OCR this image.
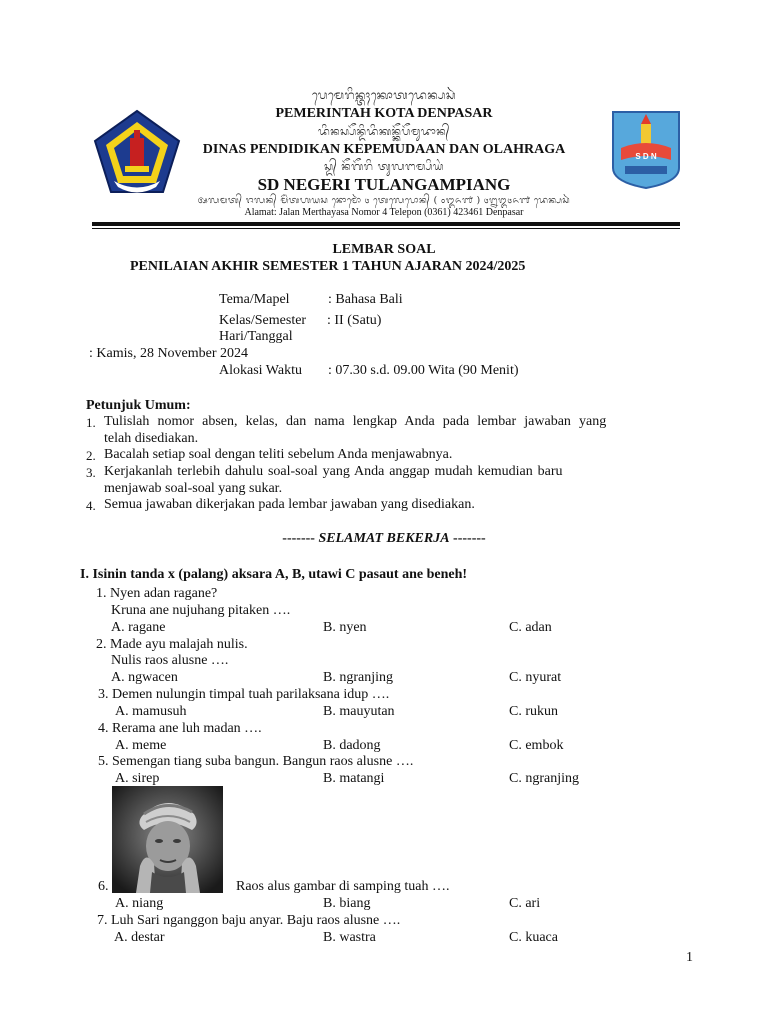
S D N
ᬧᬾᬫᬾᬭᬶᬦ᭄ᬢᬄᬓᭀᬢᬤᬾᬦ᭄ᬧᬲᬃ
PEMERINTAH KOTA DENPASAR
ᬤᬶᬦᬲ᭄ᬧᭂᬦ᭄ᬤᬶᬤᬶᬓᬦ᭄ᬓᭂᬧᭂᬫᬸᬤᬵᬦ᭄
DINAS PENDIDIKAN KEPEMUDAAN DAN OLAHRAGA
ᬲ᭄ᬤ᭄ ᬦᭂᬕᭂᬭᬶ ᬢᬸᬮᬗᬫ᭄ᬧᬶᬬᬂ
SD NEGERI TULANGAMPIANG
ᬅᬮᬫᬢ᭄ ᬚᬮᬦ᭄ ᬫᭂᬃᬢᬳᬬᬲ ᬦᭀᬫᭀᬃ ᭔ ᬢᬾᬮᬾᬧᭀᬦ᭄ ( ᭐᭓᭖᭑ ) ᭔᭒᭓᭔᭖᭑ ᬤᬾᬦ᭄ᬧᬲᬃ
Alamat: Jalan Merthayasa Nomor 4 Telepon (0361) 423461 Denpasar
LEMBAR SOAL
PENILAIAN AKHIR SEMESTER 1 TAHUN AJARAN 2024/2025
Tema/Mapel	: Bahasa Bali
Kelas/Semester : II (Satu)
Hari/Tanggal
: Kamis, 28 November 2024
Alokasi Waktu : 07.30 s.d. 09.00 Wita (90 Menit)
Petunjuk Umum:
1. Tulislah nomor absen, kelas, dan nama lengkap Anda pada lembar jawaban yang
telah disediakan.
2. Bacalah setiap soal dengan teliti sebelum Anda menjawabnya.
3. Kerjakanlah terlebih dahulu soal-soal yang Anda anggap mudah kemudian baru
menjawab soal-soal yang sukar.
4. Semua jawaban dikerjakan pada lembar jawaban yang disediakan.
------- SELAMAT BEKERJA -------
I. Isinin tanda x (palang) aksara A, B, utawi C pasaut ane beneh!
1. Nyen adan ragane?
Kruna ane nujuhang pitaken ….
A. ragane	B. nyen	C. adan
2. Made ayu malajah nulis.
Nulis raos alusne ….
A. ngwacen	B. ngranjing	C. nyurat
3. Demen nulungin timpal tuah parilaksana idup ….
A. mamusuh	B. mauyutan	C. rukun
4. Rerama ane luh madan ….
A. meme	B. dadong	C. embok
5. Semengan tiang suba bangun. Bangun raos alusne ….
A. sirep	B. matangi	C. ngranjing
6.	Raos alus gambar di samping tuah ….
A. niang	B. biang	C. ari
7. Luh Sari nganggon baju anyar. Baju raos alusne ….
A. destar	B. wastra	C. kuaca
1
